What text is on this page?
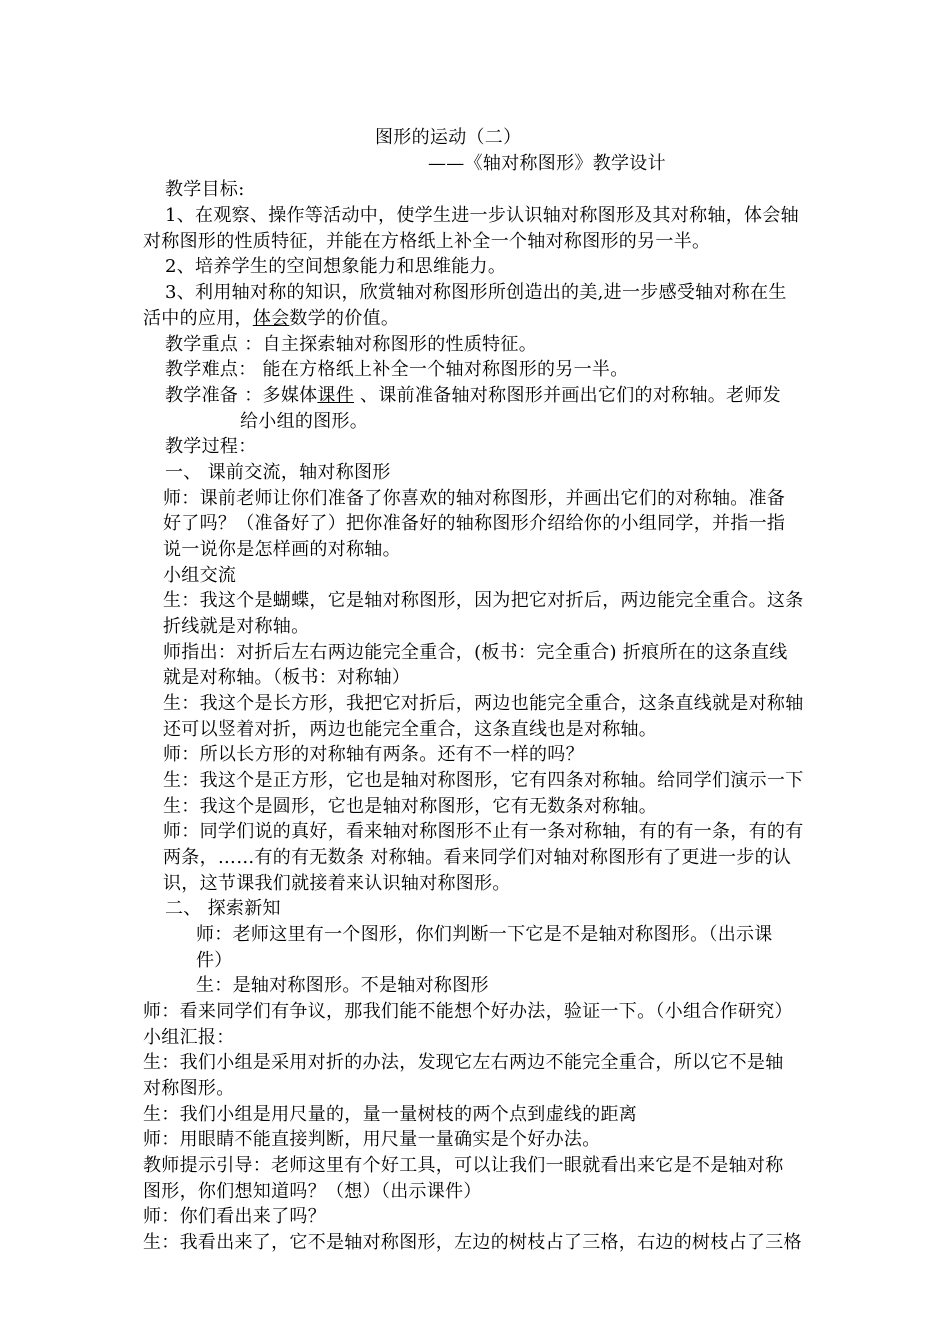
图形的运动（二）
——《轴对称图形》教学设计
教学目标:
1、在观察、操作等活动中，使学生进一步认识轴对称图形及其对称轴，体会轴
对称图形的性质特征，并能在方格纸上补全一个轴对称图形的另一半。
2、培养学生的空间想象能力和思维能力。
3、利用轴对称的知识，欣赏轴对称图形所创造出的美,进一步感受轴对称在生
活中的应用，体会数学的价值。
教学重点 ：自主探索轴对称图形的性质特征。
教学难点： 能在方格纸上补全一个轴对称图形的另一半。
教学准备 ：多媒体课件 、课前准备轴对称图形并画出它们的对称轴。老师发
给小组的图形。
教学过程：
一、 课前交流，轴对称图形
师：课前老师让你们准备了你喜欢的轴对称图形，并画出它们的对称轴。准备
好了吗？（准备好了）把你准备好的轴称图形介绍给你的小组同学，并指一指
说一说你是怎样画的对称轴。
小组交流
生：我这个是蝴蝶，它是轴对称图形，因为把它对折后，两边能完全重合。这条
折线就是对称轴。
师指出：对折后左右两边能完全重合，(板书：完全重合) 折痕所在的这条直线
就是对称轴。（板书：对称轴）
生：我这个是长方形，我把它对折后，两边也能完全重合，这条直线就是对称轴
还可以竖着对折，两边也能完全重合，这条直线也是对称轴。
师：所以长方形的对称轴有两条。还有不一样的吗？
生：我这个是正方形，它也是轴对称图形，它有四条对称轴。给同学们演示一下
生：我这个是圆形，它也是轴对称图形，它有无数条对称轴。
师：同学们说的真好，看来轴对称图形不止有一条对称轴，有的有一条，有的有
两条，……有的有无数条 对称轴。看来同学们对轴对称图形有了更进一步的认
识，这节课我们就接着来认识轴对称图形。
二、 探索新知
师：老师这里有一个图形，你们判断一下它是不是轴对称图形。（出示课
件）
生：是轴对称图形。不是轴对称图形
师：看来同学们有争议，那我们能不能想个好办法，验证一下。（小组合作研究）
小组汇报：
生：我们小组是采用对折的办法，发现它左右两边不能完全重合，所以它不是轴
对称图形。
生：我们小组是用尺量的，量一量树枝的两个点到虚线的距离
师：用眼睛不能直接判断，用尺量一量确实是个好办法。
教师提示引导：老师这里有个好工具，可以让我们一眼就看出来它是不是轴对称
图形，你们想知道吗？（想）（出示课件）
师：你们看出来了吗？
生：我看出来了，它不是轴对称图形，左边的树枝占了三格，右边的树枝占了三格
